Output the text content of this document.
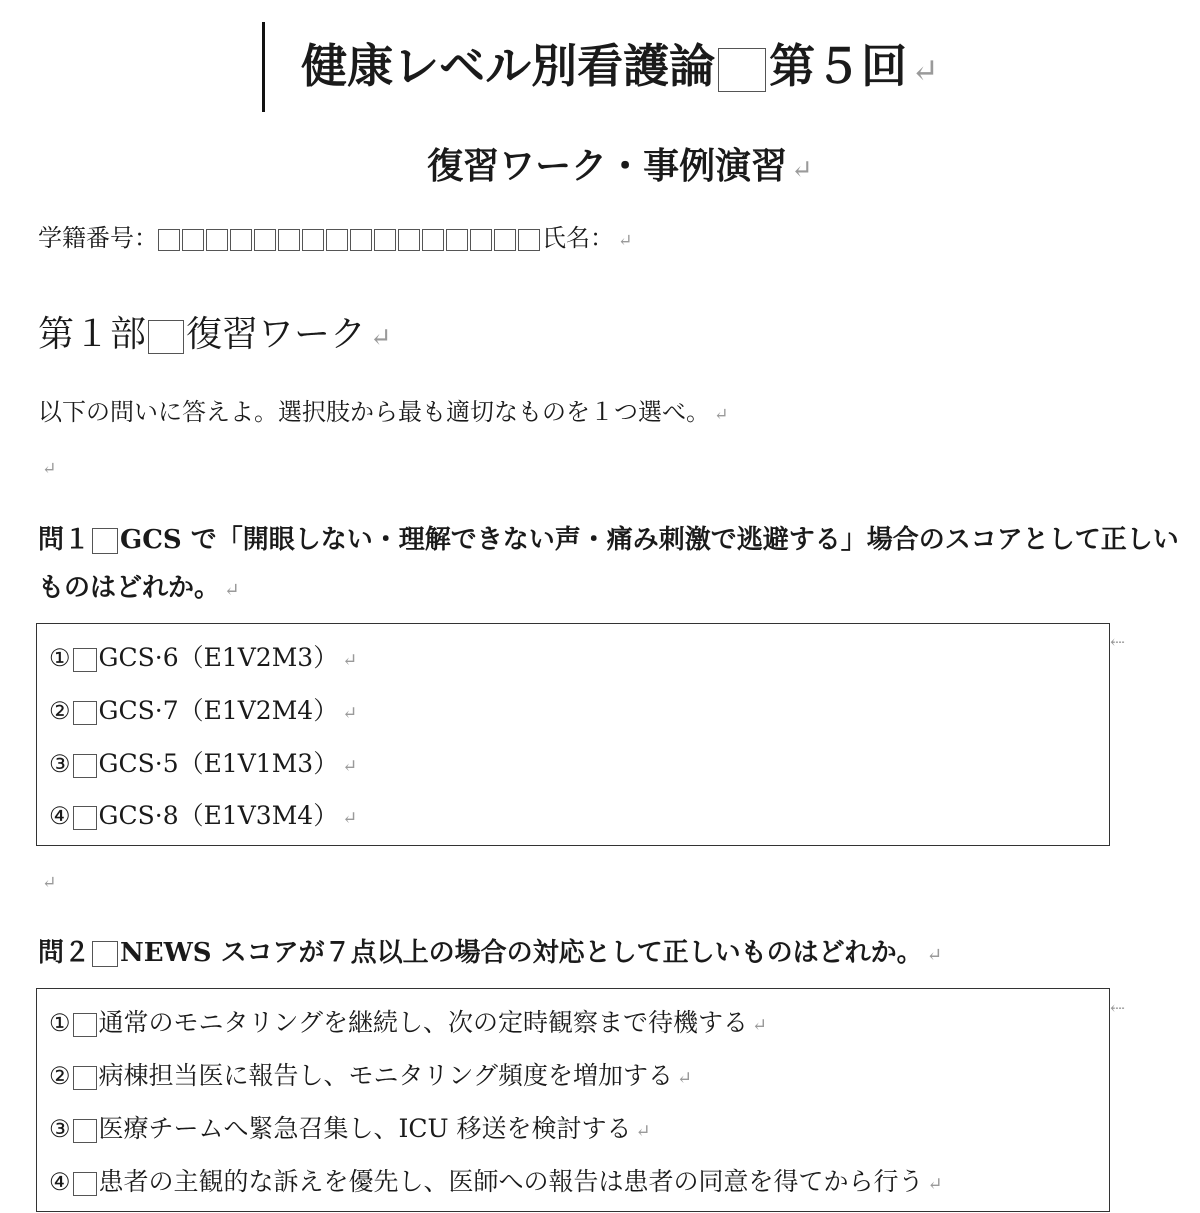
健康レベル別看護論 第５回 ↵
復習ワーク・事例演習 ↵
学籍番号：	氏名： ↵
第１部 復習ワーク ↵
以下の問いに答えよ。選択肢から最も適切なものを１つ選べ。 ↵
↵
問１ GCS で「開眼しない・理解できない声・痛み刺激で逃避する」場合のスコアとして正しいものはどれか。 ↵
① GCS·6（E1V2M3） ↵
② GCS·7（E1V2M4） ↵
③ GCS·5（E1V1M3） ↵
④ GCS·8（E1V3M4） ↵
⇠
↵
問２ NEWS スコアが７点以上の場合の対応として正しいものはどれか。 ↵
① 通常のモニタリングを継続し、次の定時観察まで待機する ↵
② 病棟担当医に報告し、モニタリング頻度を増加する ↵
③ 医療チームへ緊急召集し、ICU 移送を検討する ↵
④ 患者の主観的な訴えを優先し、医師への報告は患者の同意を得てから行う ↵
⇠
